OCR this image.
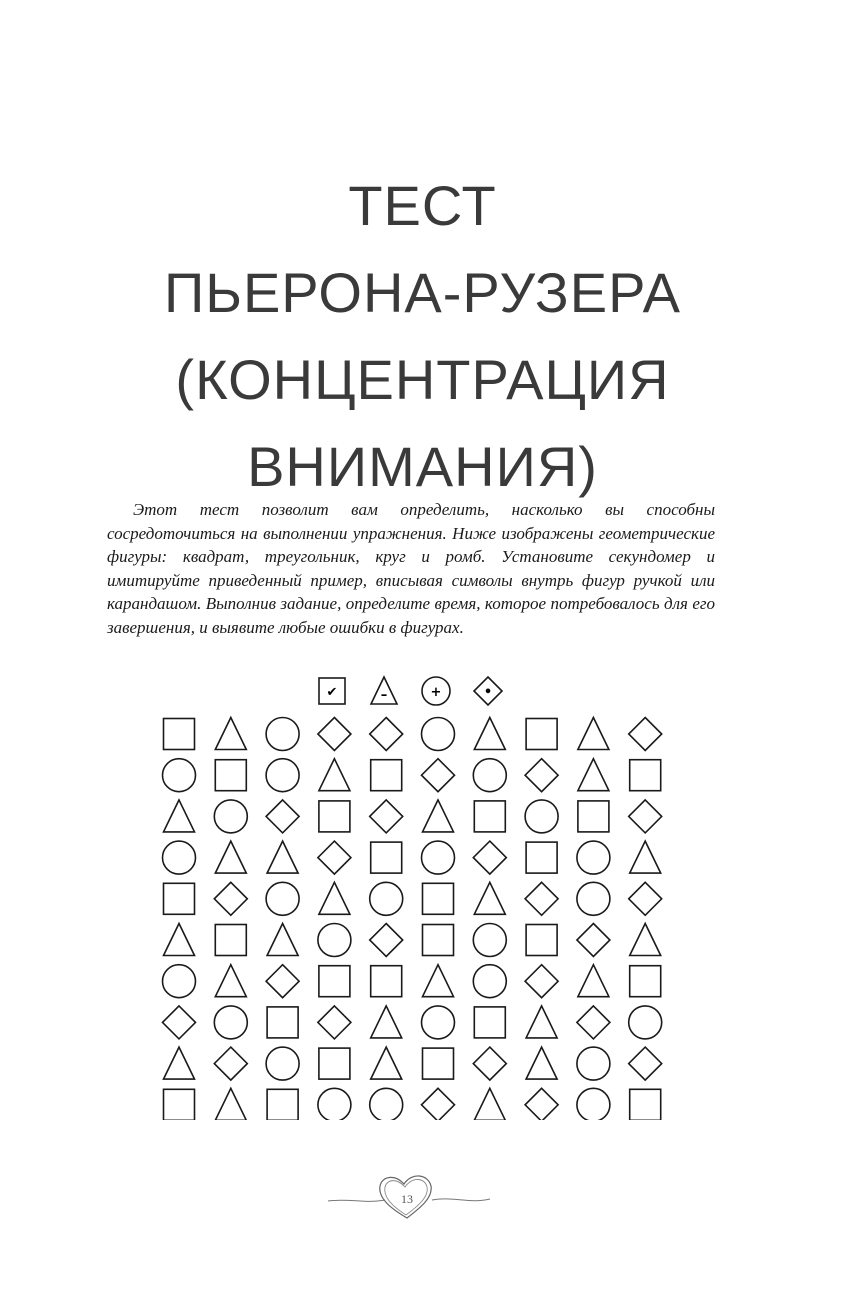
ТЕСТ
ПЬЕРОНА-РУЗЕРА
(КОНЦЕНТРАЦИЯ
ВНИМАНИЯ)

Этот тест позволит вам определить, насколько вы способны сосредоточиться на выполнении упражнения. Ниже изображены геометрические фигуры: квадрат, треугольник, круг и ромб. Установите секундомер и имитируйте приведенный пример, вписывая символы внутрь фигур ручкой или карандашом. Выполнив задание, определите время, которое потребовалось для его завершения, и выявите любые ошибки в фигурах.

✔	–	+	•
13
